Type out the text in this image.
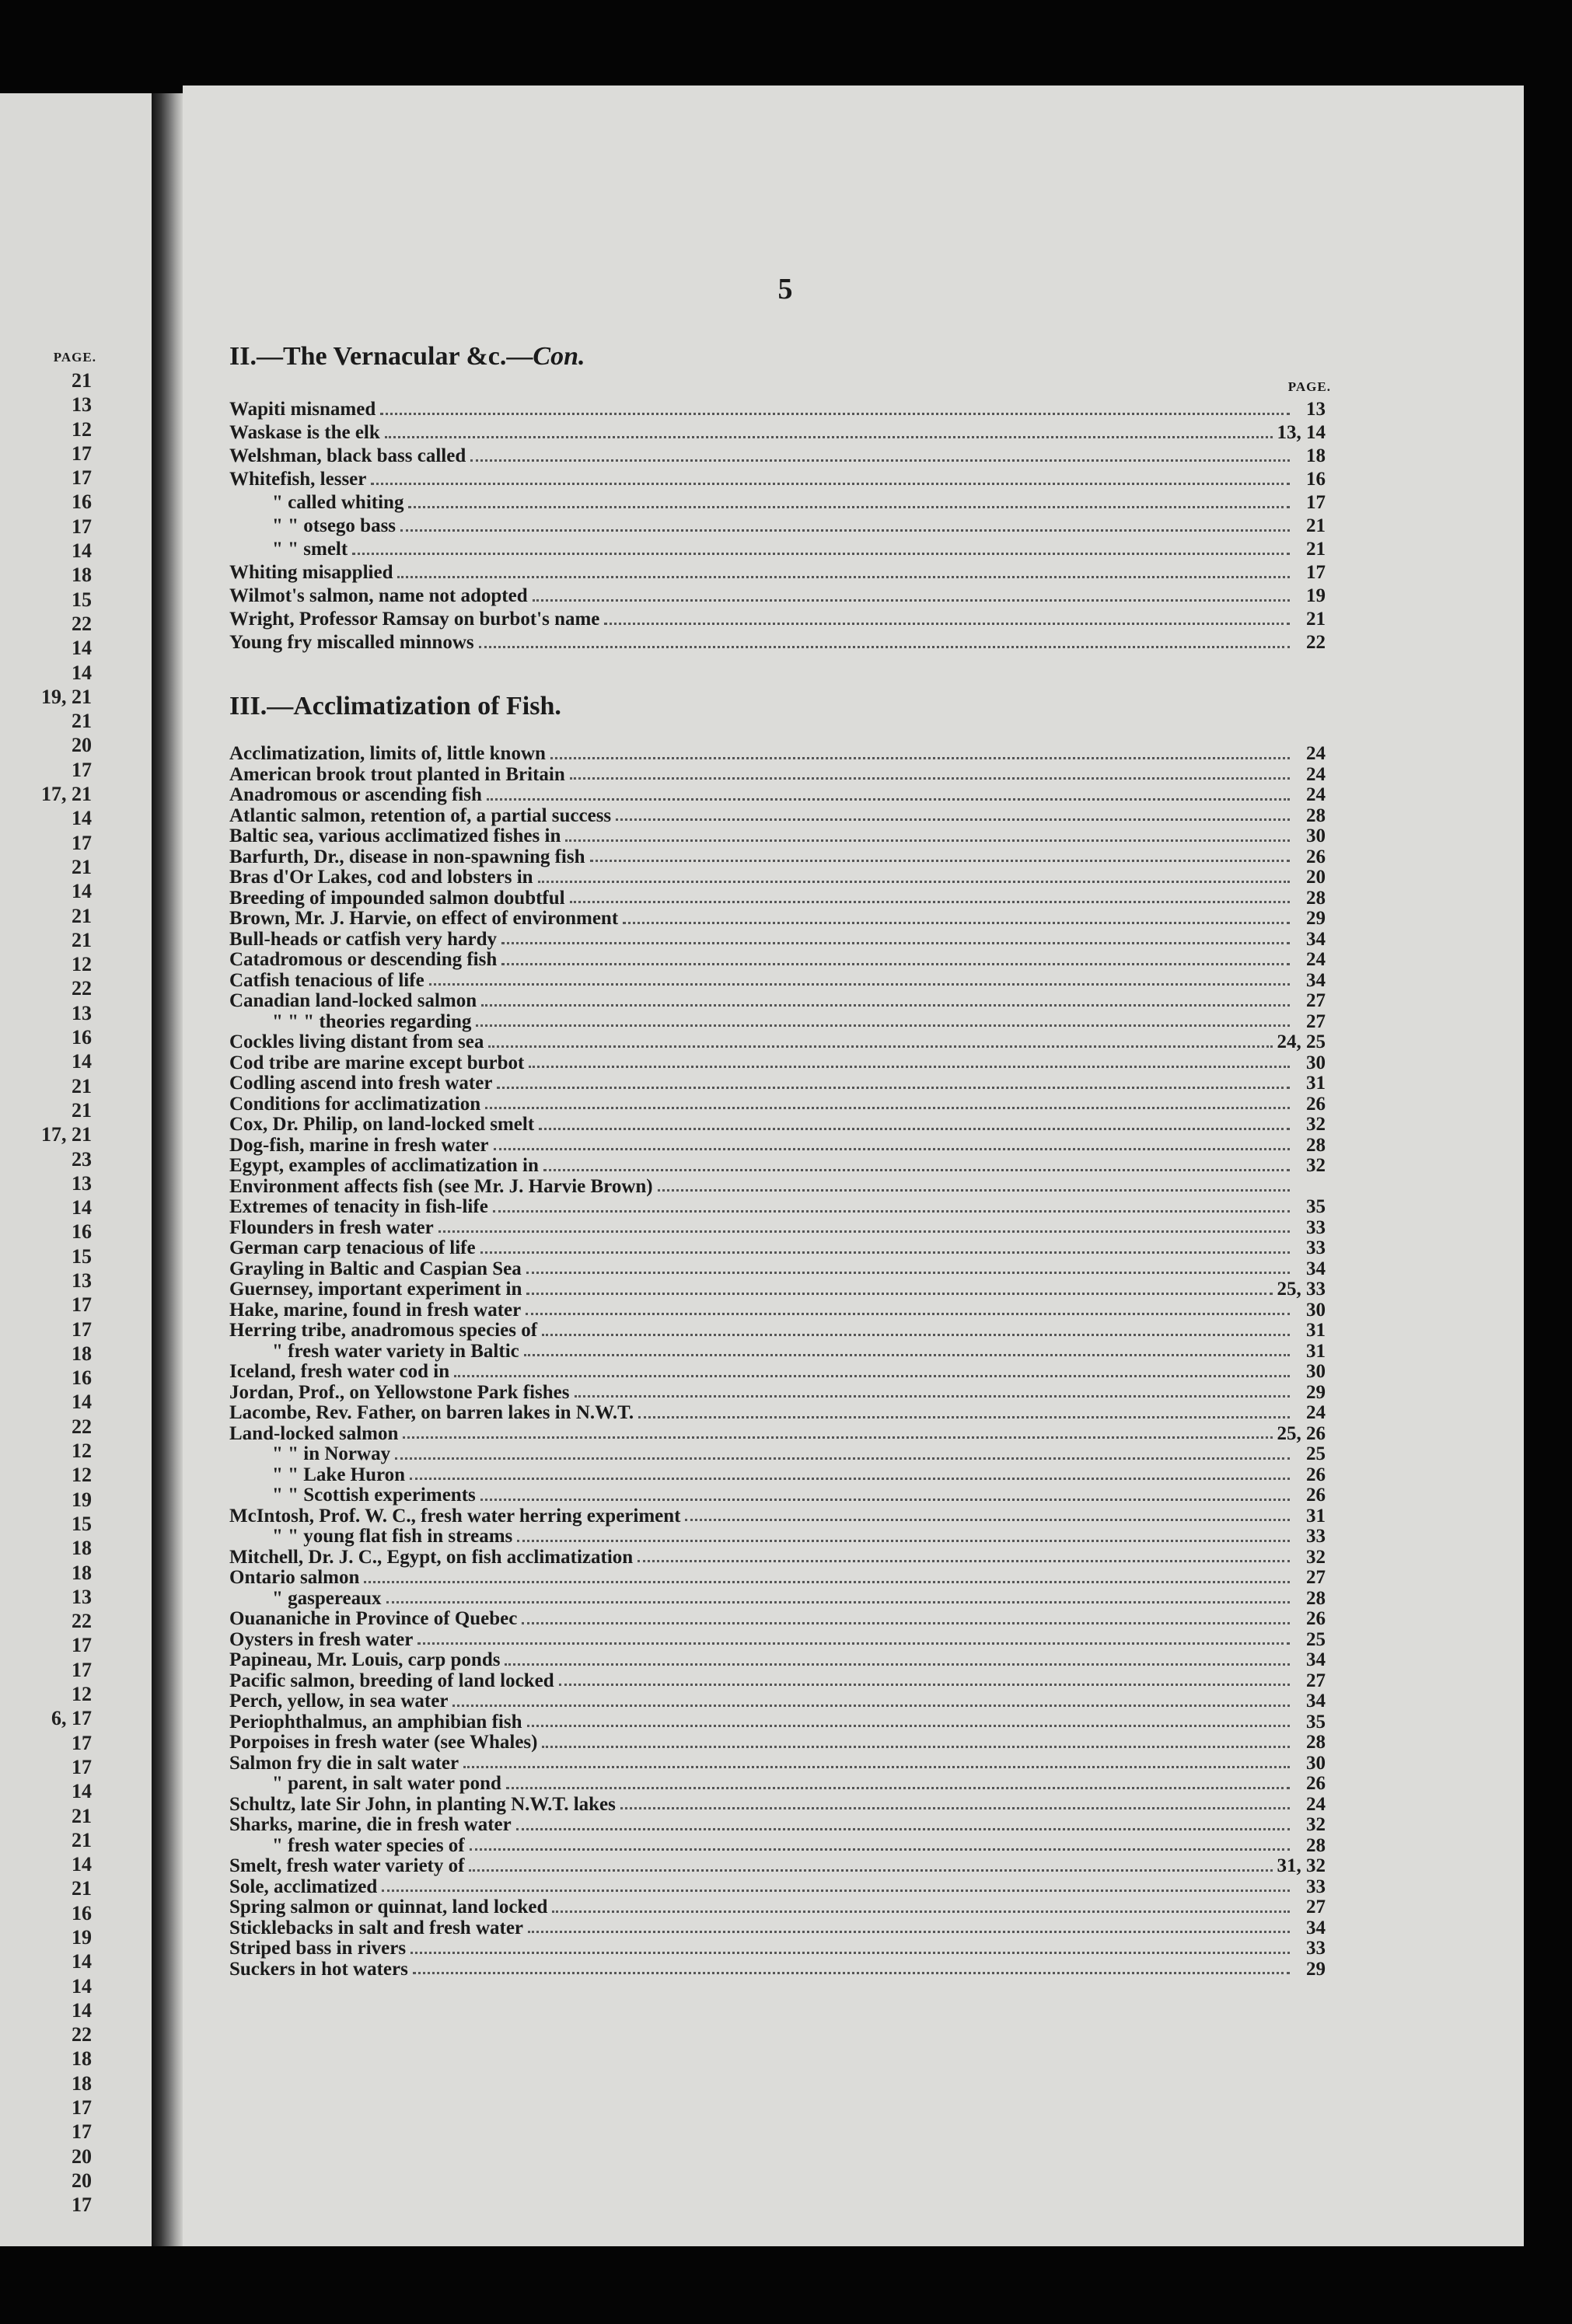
PAGE.
21
13
12
17
17
16
17
14
18
15
22
14
14
19, 21
21
20
17
17, 21
14
17
21
14
21
21
12
22
13
16
14
21
21
17, 21
23
13
14
16
15
13
17
17
18
16
14
22
12
12
19
15
18
18
13
22
17
17
12
6, 17
17
17
14
21
21
14
21
16
19
14
14
14
22
18
18
17
17
20
20
17
5
II.—The Vernacular &c.—Con.
PAGE.
Wapiti misnamed	13
Waskase is the elk	13, 14
Welshman, black bass called	18
Whitefish, lesser	16
" called whiting	17
" " otsego bass	21
" " smelt	21
Whiting misapplied	17
Wilmot's salmon, name not adopted	19
Wright, Professor Ramsay on burbot's name	21
Young fry miscalled minnows	22
III.—Acclimatization of Fish.
Acclimatization, limits of, little known	24
American brook trout planted in Britain	24
Anadromous or ascending fish	24
Atlantic salmon, retention of, a partial success	28
Baltic sea, various acclimatized fishes in	30
Barfurth, Dr., disease in non-spawning fish	26
Bras d'Or Lakes, cod and lobsters in	20
Breeding of impounded salmon doubtful	28
Brown, Mr. J. Harvie, on effect of environment	29
Bull-heads or catfish very hardy	34
Catadromous or descending fish	24
Catfish tenacious of life	34
Canadian land-locked salmon	27
" " " theories regarding	27
Cockles living distant from sea	24, 25
Cod tribe are marine except burbot	30
Codling ascend into fresh water	31
Conditions for acclimatization	26
Cox, Dr. Philip, on land-locked smelt	32
Dog-fish, marine in fresh water	28
Egypt, examples of acclimatization in	32
Environment affects fish (see Mr. J. Harvie Brown)
Extremes of tenacity in fish-life	35
Flounders in fresh water	33
German carp tenacious of life	33
Grayling in Baltic and Caspian Sea	34
Guernsey, important experiment in	25, 33
Hake, marine, found in fresh water	30
Herring tribe, anadromous species of	31
" fresh water variety in Baltic	31
Iceland, fresh water cod in	30
Jordan, Prof., on Yellowstone Park fishes	29
Lacombe, Rev. Father, on barren lakes in N.W.T.	24
Land-locked salmon	25, 26
" " in Norway	25
" " Lake Huron	26
" " Scottish experiments	26
McIntosh, Prof. W. C., fresh water herring experiment	31
" " young flat fish in streams	33
Mitchell, Dr. J. C., Egypt, on fish acclimatization	32
Ontario salmon	27
" gaspereaux	28
Ouananiche in Province of Quebec	26
Oysters in fresh water	25
Papineau, Mr. Louis, carp ponds	34
Pacific salmon, breeding of land locked	27
Perch, yellow, in sea water	34
Periophthalmus, an amphibian fish	35
Porpoises in fresh water (see Whales)	28
Salmon fry die in salt water	30
" parent, in salt water pond	26
Schultz, late Sir John, in planting N.W.T. lakes	24
Sharks, marine, die in fresh water	32
" fresh water species of	28
Smelt, fresh water variety of	31, 32
Sole, acclimatized	33
Spring salmon or quinnat, land locked	27
Sticklebacks in salt and fresh water	34
Striped bass in rivers	33
Suckers in hot waters	29
